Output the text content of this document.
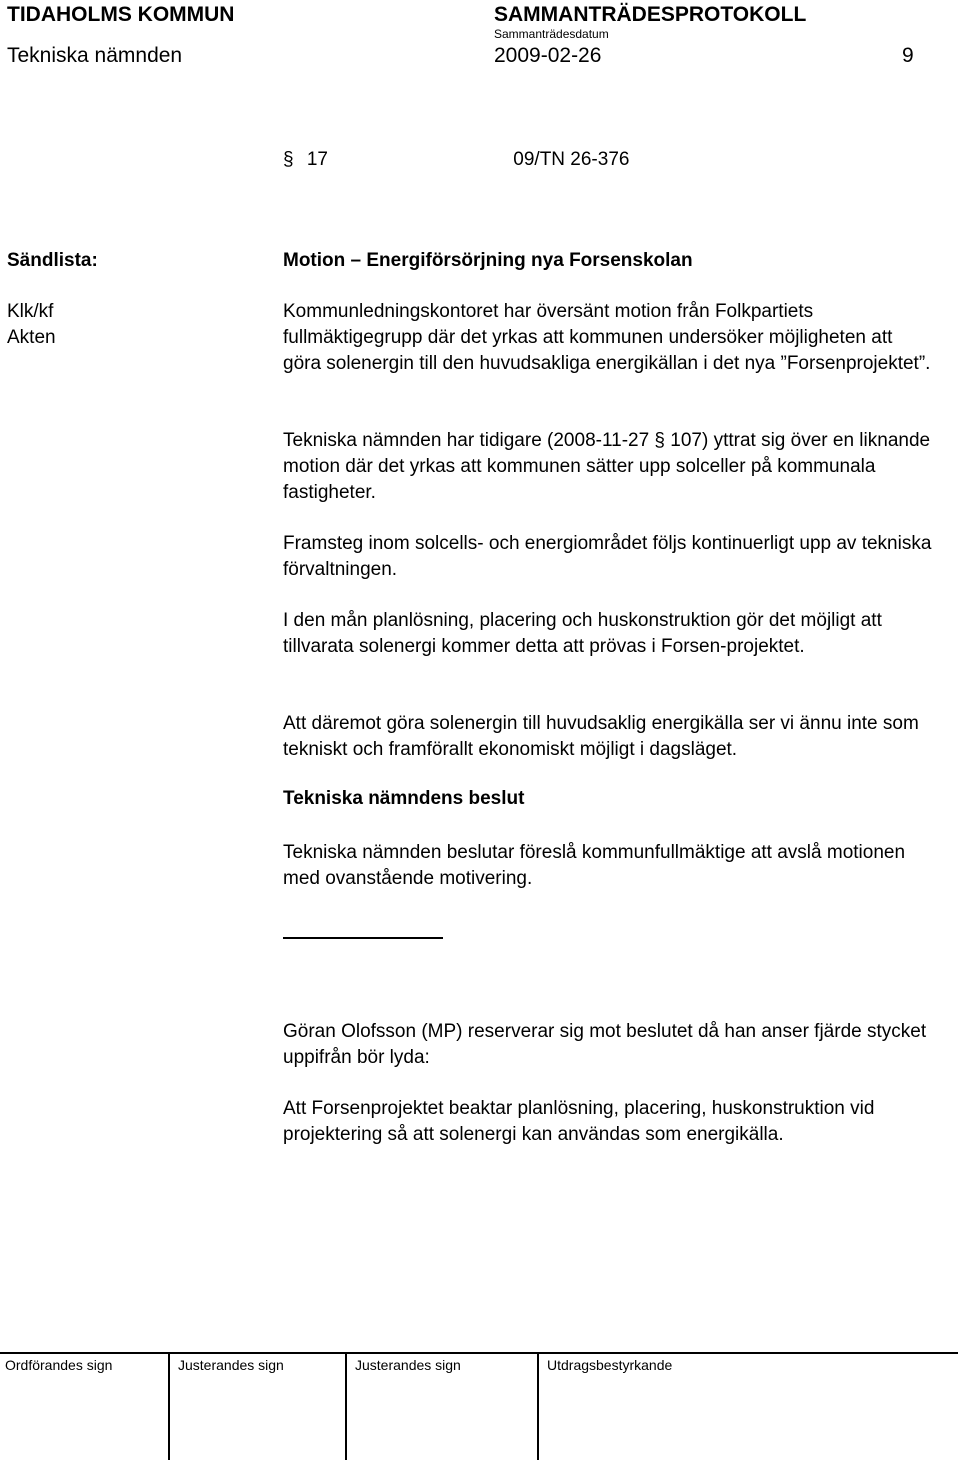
TIDAHOLMS KOMMUN	SAMMANTRÄDESPROTOKOLL
Sammanträdesdatum
Tekniska nämnden	2009-02-26	9
§ 17	09/TN 26-376
Sändlista:
Klk/kf
Akten
Motion – Energiförsörjning nya Forsenskolan
Kommunledningskontoret har översänt motion från Folkpartiets fullmäktigegrupp där det yrkas att kommunen undersöker möjligheten att göra solenergin till den huvudsakliga energikällan i det nya ”Forsenprojektet”.
Tekniska nämnden har tidigare (2008-11-27 § 107) yttrat sig över en liknande motion där det yrkas att kommunen sätter upp solceller på kommunala fastigheter.
Framsteg inom solcells- och energiområdet följs kontinuerligt upp av tekniska förvaltningen.
I den mån planlösning, placering och huskonstruktion gör det möjligt att tillvarata solenergi kommer detta att prövas i Forsen-projektet.
Att däremot göra solenergin till huvudsaklig energikälla ser vi ännu inte som tekniskt och framförallt ekonomiskt möjligt i dagsläget.
Tekniska nämndens beslut
Tekniska nämnden beslutar föreslå kommunfullmäktige att avslå motionen med ovanstående motivering.
Göran Olofsson (MP) reserverar sig mot beslutet då han anser fjärde stycket uppifrån bör lyda:
Att Forsenprojektet beaktar planlösning, placering, huskonstruktion vid projektering så att solenergi kan användas som energikälla.
Ordförandes sign	Justerandes sign	Justerandes sign	Utdragsbestyrkande
